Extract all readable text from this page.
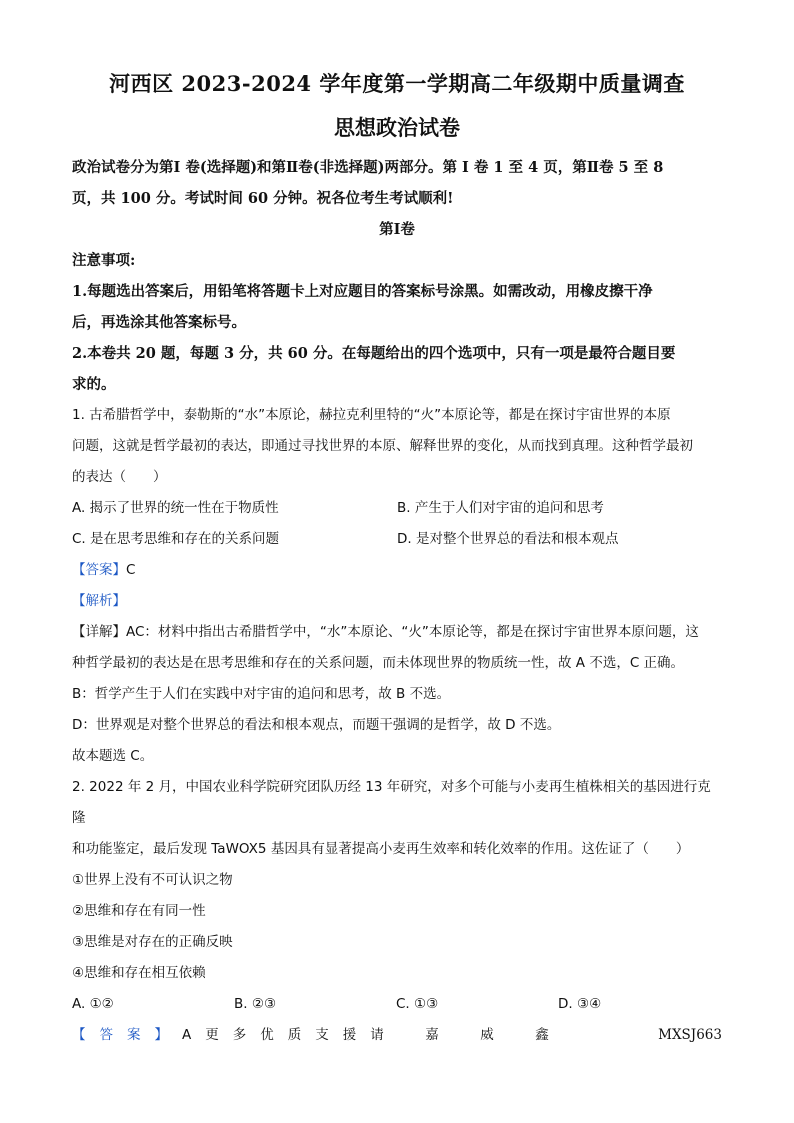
河西区 2023-2024 学年度第一学期高二年级期中质量调查
思想政治试卷
政治试卷分为第Ⅰ 卷(选择题)和第Ⅱ卷(非选择题)两部分。第 Ⅰ 卷 1 至 4 页，第Ⅱ卷 5 至 8
页，共 100 分。考试时间 60 分钟。祝各位考生考试顺利!
第Ⅰ卷
注意事项:
1.每题选出答案后，用铅笔将答题卡上对应题目的答案标号涂黑。如需改动，用橡皮擦干净
后，再选涂其他答案标号。
2.本卷共 20 题，每题 3 分，共 60 分。在每题给出的四个选项中，只有一项是最符合题目要
求的。
1. 古希腊哲学中，泰勒斯的“水”本原论，赫拉克利里特的“火”本原论等，都是在探讨宇宙世界的本原
问题，这就是哲学最初的表达，即通过寻找世界的本原、解释世界的变化，从而找到真理。这种哲学最初
的表达（　　）
A. 揭示了世界的统一性在于物质性	B. 产生于人们对宇宙的追问和思考
C. 是在思考思维和存在的关系问题	D. 是对整个世界总的看法和根本观点
【答案】C
【解析】
【详解】AC：材料中指出古希腊哲学中，“水”本原论、“火”本原论等，都是在探讨宇宙世界本原问题，这
种哲学最初的表达是在思考思维和存在的关系问题，而未体现世界的物质统一性，故 A 不选，C 正确。
B：哲学产生于人们在实践中对宇宙的追问和思考，故 B 不选。
D：世界观是对整个世界总的看法和根本观点，而题干强调的是哲学，故 D 不选。
故本题选 C。
2. 2022 年 2 月，中国农业科学院研究团队历经 13 年研究，对多个可能与小麦再生植株相关的基因进行克隆
和功能鉴定，最后发现 TaWOX5 基因具有显著提高小麦再生效率和转化效率的作用。这佐证了（　　）
①世界上没有不可认识之物
②思维和存在有同一性
③思维是对存在的正确反映
④思维和存在相互依赖
A. ①②	B. ②③	C. ①③	D. ③④
【答案】A更多优质支援请　嘉　威　鑫	MXSJ663
